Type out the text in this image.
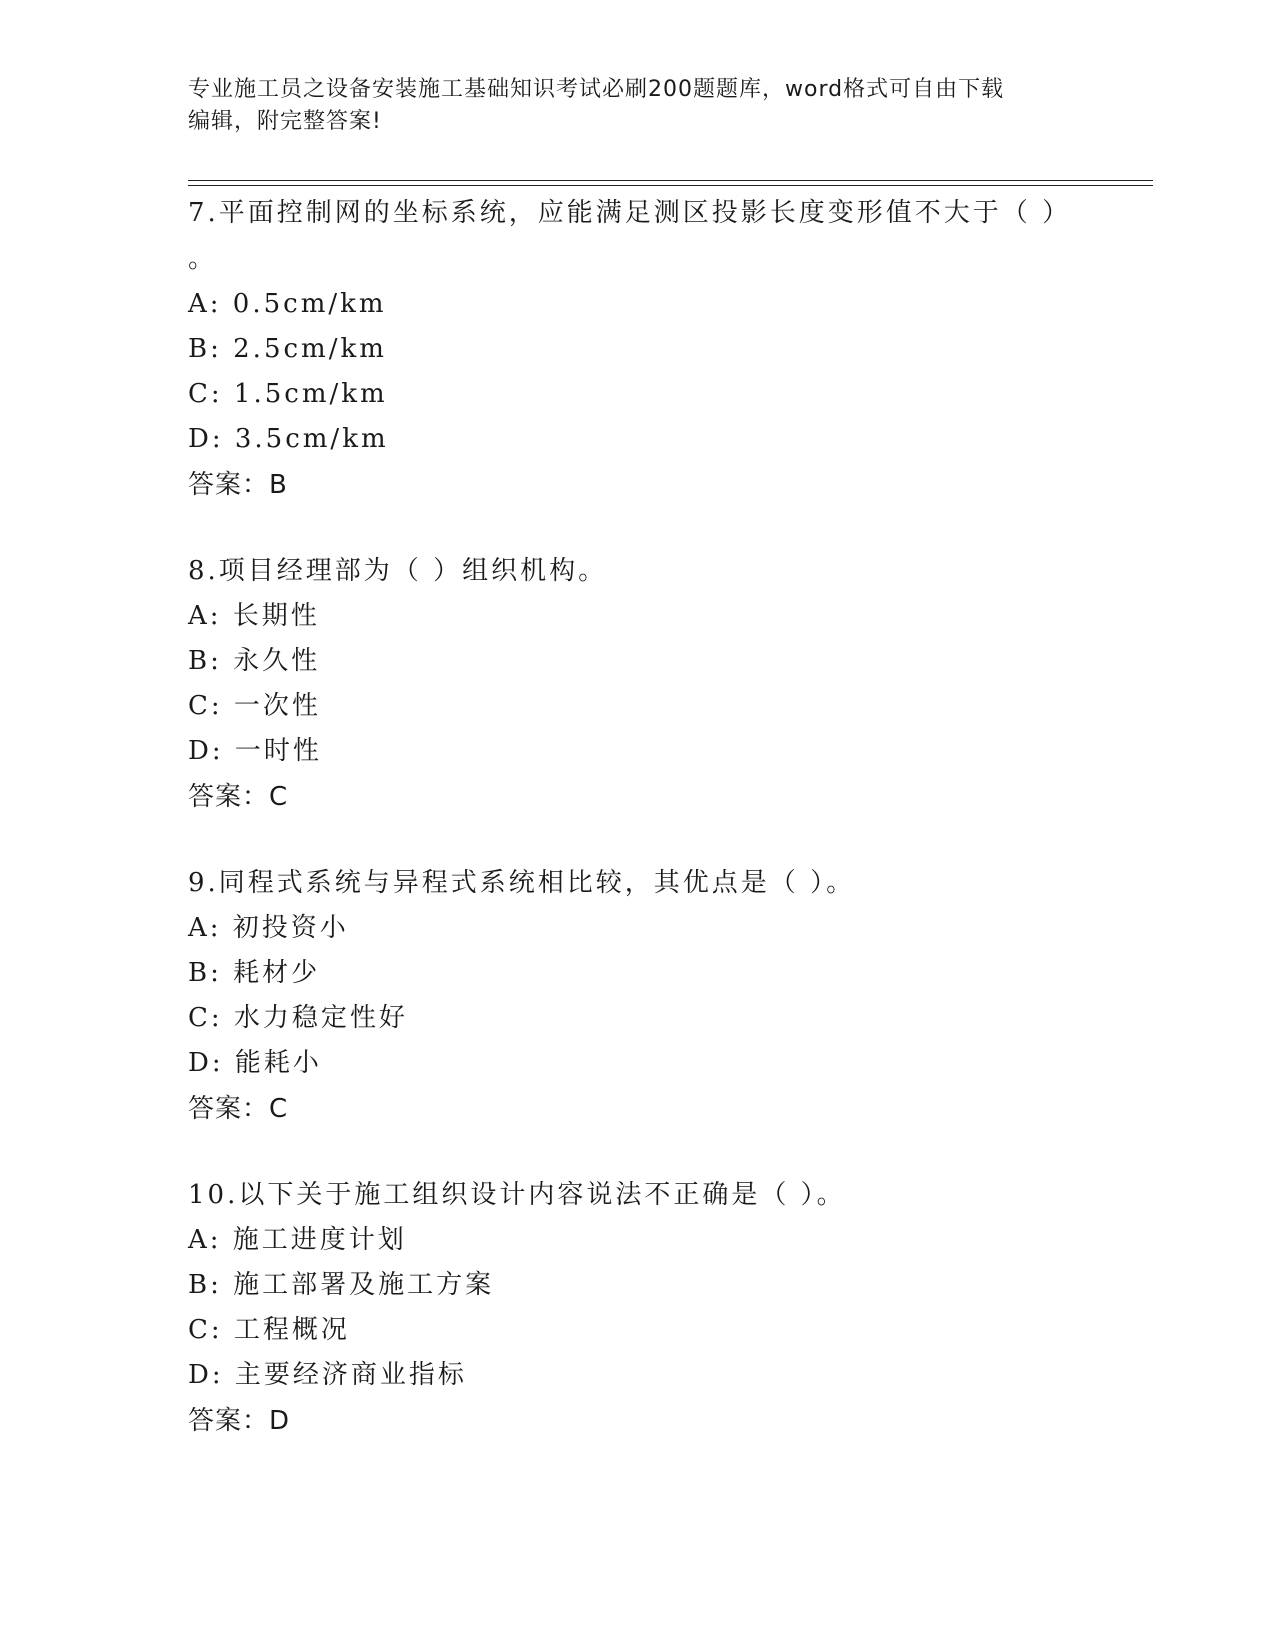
专业施工员之设备安装施工基础知识考试必刷200题题库，word格式可自由下载
编辑，附完整答案!
7.平面控制网的坐标系统，应能满足测区投影长度变形值不大于（ ）
。
A: 0.5cm/km
B: 2.5cm/km
C: 1.5cm/km
D: 3.5cm/km
答案：B
8.项目经理部为（ ）组织机构。
A: 长期性
B: 永久性
C: 一次性
D: 一时性
答案：C
9.同程式系统与异程式系统相比较，其优点是（ ）。
A: 初投资小
B: 耗材少
C: 水力稳定性好
D: 能耗小
答案：C
10.以下关于施工组织设计内容说法不正确是（ ）。
A: 施工进度计划
B: 施工部署及施工方案
C: 工程概况
D: 主要经济商业指标
答案：D
